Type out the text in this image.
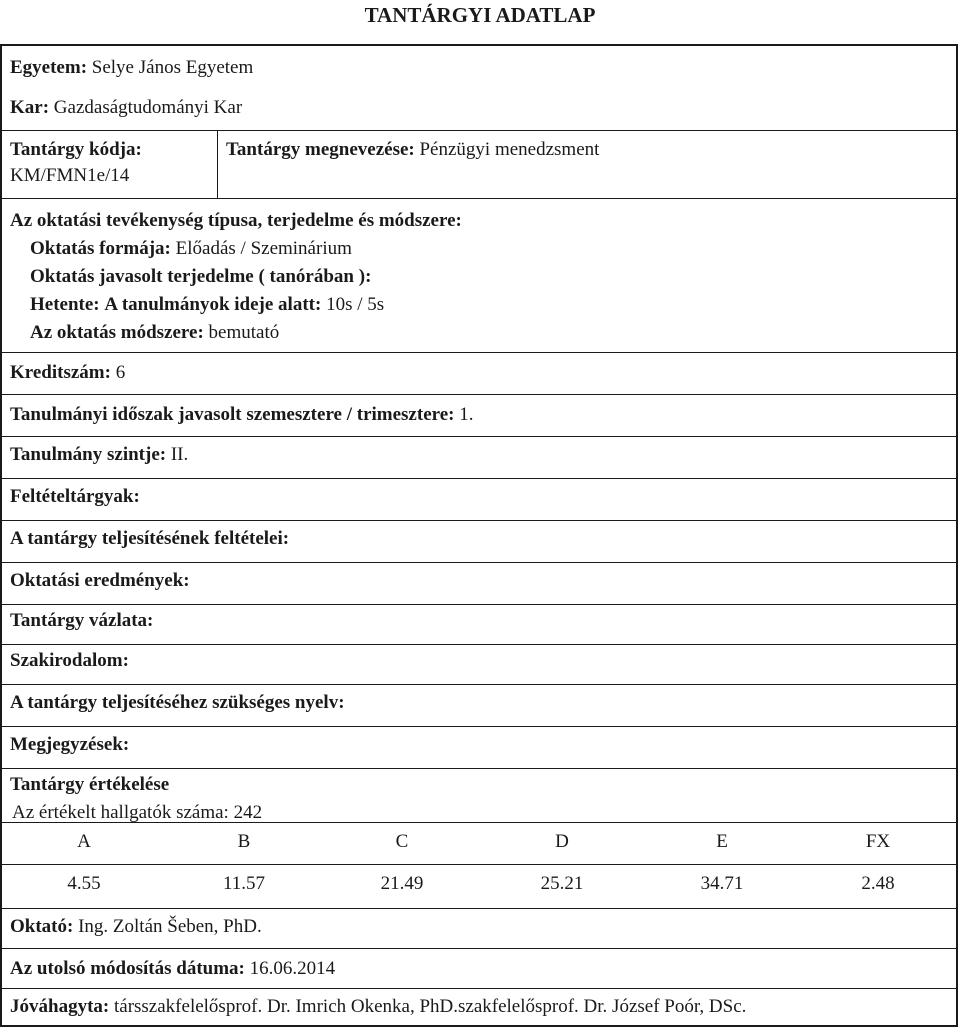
TANTÁRGYI ADATLAP
Egyetem: Selye János Egyetem
Kar: Gazdaságtudományi Kar
Tantárgy kódja:
KM/FMN1e/14
Tantárgy megnevezése: Pénzügyi menedzsment
Az oktatási tevékenység típusa, terjedelme és módszere:
Oktatás formája: Előadás / Szeminárium
Oktatás javasolt terjedelme ( tanórában ):
Hetente: A tanulmányok ideje alatt: 10s / 5s
Az oktatás módszere: bemutató
Kreditszám: 6
Tanulmányi időszak javasolt szemesztere / trimesztere: 1.
Tanulmány szintje: II.
Feltételtárgyak:
A tantárgy teljesítésének feltételei:
Oktatási eredmények:
Tantárgy vázlata:
Szakirodalom:
A tantárgy teljesítéséhez szükséges nyelv:
Megjegyzések:
Tantárgy értékelése
Az értékelt hallgatók száma: 242
A	B	C	D	E	FX
4.55	11.57	21.49	25.21	34.71	2.48
Oktató: Ing. Zoltán Šeben, PhD.
Az utolsó módosítás dátuma: 16.06.2014
Jóváhagyta: társszakfelelősprof. Dr. Imrich Okenka, PhD.szakfelelősprof. Dr. József Poór, DSc.
